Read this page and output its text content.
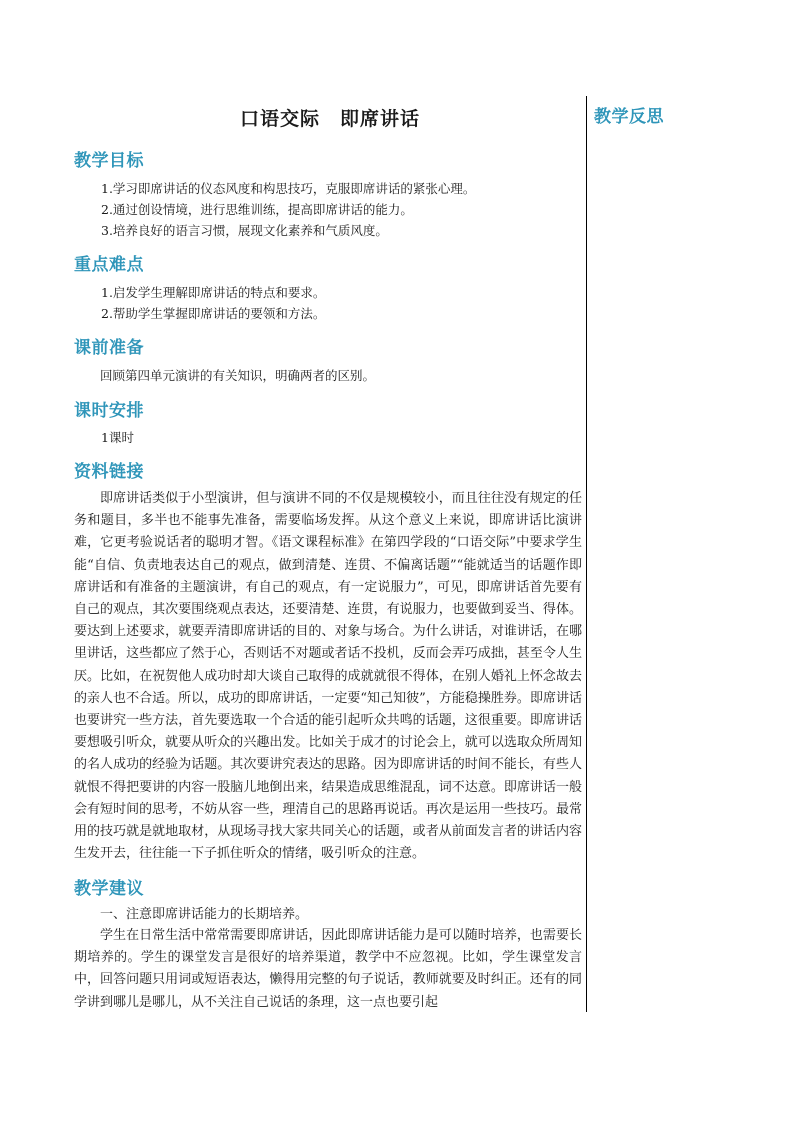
口语交际　即席讲话
教学目标
1.学习即席讲话的仪态风度和构思技巧，克服即席讲话的紧张心理。
2.通过创设情境，进行思维训练，提高即席讲话的能力。
3.培养良好的语言习惯，展现文化素养和气质风度。
重点难点
1.启发学生理解即席讲话的特点和要求。
2.帮助学生掌握即席讲话的要领和方法。
课前准备
回顾第四单元演讲的有关知识，明确两者的区别。
课时安排
1课时
资料链接

即席讲话类似于小型演讲，但与演讲不同的不仅是规模较小，而且往往没有规定的任务和题目，多半也不能事先准备，需要临场发挥。从这个意义上来说，即席讲话比演讲难，它更考验说话者的聪明才智。《语文课程标准》在第四学段的“口语交际”中要求学生能“自信、负责地表达自己的观点，做到清楚、连贯、不偏离话题”“能就适当的话题作即席讲话和有准备的主题演讲，有自己的观点，有一定说服力”，可见，即席讲话首先要有自己的观点，其次要围绕观点表达，还要清楚、连贯，有说服力，也要做到妥当、得体。要达到上述要求，就要弄清即席讲话的目的、对象与场合。为什么讲话，对谁讲话，在哪里讲话，这些都应了然于心，否则话不对题或者话不投机，反而会弄巧成拙，甚至令人生厌。比如，在祝贺他人成功时却大谈自己取得的成就就很不得体，在别人婚礼上怀念故去的亲人也不合适。所以，成功的即席讲话，一定要“知己知彼”，方能稳操胜券。即席讲话也要讲究一些方法，首先要选取一个合适的能引起听众共鸣的话题，这很重要。即席讲话要想吸引听众，就要从听众的兴趣出发。比如关于成才的讨论会上，就可以选取众所周知的名人成功的经验为话题。其次要讲究表达的思路。因为即席讲话的时间不能长，有些人就恨不得把要讲的内容一股脑儿地倒出来，结果造成思维混乱，词不达意。即席讲话一般会有短时间的思考，不妨从容一些，理清自己的思路再说话。再次是运用一些技巧。最常用的技巧就是就地取材，从现场寻找大家共同关心的话题，或者从前面发言者的讲话内容生发开去，往往能一下子抓住听众的情绪，吸引听众的注意。

教学建议
一、注意即席讲话能力的长期培养。

学生在日常生活中常常需要即席讲话，因此即席讲话能力是可以随时培养，也需要长期培养的。学生的课堂发言是很好的培养渠道，教学中不应忽视。比如，学生课堂发言中，回答问题只用词或短语表达，懒得用完整的句子说话，教师就要及时纠正。还有的同学讲到哪儿是哪儿，从不关注自己说话的条理，这一点也要引起

教学反思
